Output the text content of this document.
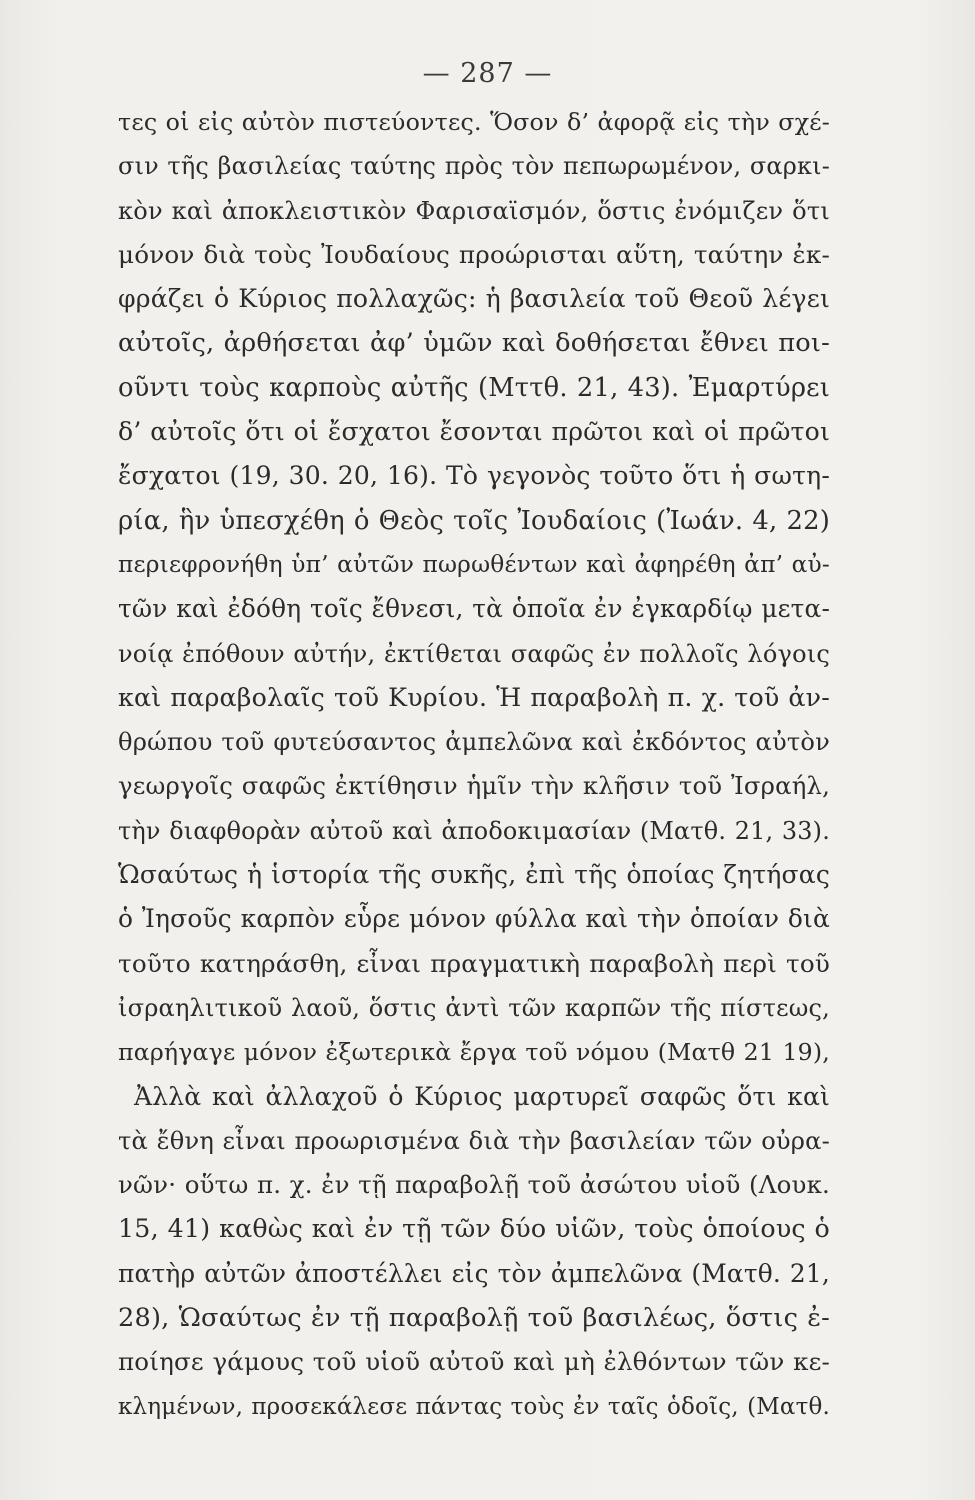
— 287 —
τες οἱ εἰς αὐτὸν πιστεύοντες. Ὅσον δ’ ἀφορᾷ εἰς τὴν σχέ-
σιν τῆς βασιλείας ταύτης πρὸς τὸν πεπωρωμένον, σαρκι-
κὸν καὶ ἀποκλειστικὸν Φαρισαϊσμόν, ὅστις ἐνόμιζεν ὅτι
μόνον διὰ τοὺς Ἰουδαίους προώρισται αὕτη, ταύτην ἐκ-
φράζει ὁ Κύριος πολλαχῶς: ἡ βασιλεία τοῦ Θεοῦ λέγει
αὐτοῖς, ἀρθήσεται ἀφ’ ὑμῶν καὶ δοθήσεται ἔθνει ποι-
οῦντι τοὺς καρποὺς αὐτῆς (Μττθ. 21, 43). Ἐμαρτύρει
δ’ αὐτοῖς ὅτι οἱ ἔσχατοι ἔσονται πρῶτοι καὶ οἱ πρῶτοι
ἔσχατοι (19, 30. 20, 16). Τὸ γεγονὸς τοῦτο ὅτι ἡ σωτη-
ρία, ἣν ὑπεσχέθη ὁ Θεὸς τοῖς Ἰουδαίοις (Ἰωάν. 4, 22)
περιεφρονήθη ὑπ’ αὐτῶν πωρωθέντων καὶ ἀφηρέθη ἀπ’ αὐ-
τῶν καὶ ἐδόθη τοῖς ἔθνεσι, τὰ ὁποῖα ἐν ἐγκαρδίῳ μετα-
νοίᾳ ἐπόθουν αὐτήν, ἐκτίθεται σαφῶς ἐν πολλοῖς λόγοις
καὶ παραβολαῖς τοῦ Κυρίου. Ἡ παραβολὴ π. χ. τοῦ ἀν-
θρώπου τοῦ φυτεύσαντος ἀμπελῶνα καὶ ἐκδόντος αὐτὸν
γεωργοῖς σαφῶς ἐκτίθησιν ἡμῖν τὴν κλῆσιν τοῦ Ἰσραήλ,
τὴν διαφθορὰν αὐτοῦ καὶ ἀποδοκιμασίαν (Ματθ. 21, 33).
Ὡσαύτως ἡ ἱστορία τῆς συκῆς, ἐπὶ τῆς ὁποίας ζητήσας
ὁ Ἰησοῦς καρπὸν εὗρε μόνον φύλλα καὶ τὴν ὁποίαν διὰ
τοῦτο κατηράσθη, εἶναι πραγματικὴ παραβολὴ περὶ τοῦ
ἰσραηλιτικοῦ λαοῦ, ὅστις ἀντὶ τῶν καρπῶν τῆς πίστεως,
παρήγαγε μόνον ἐξωτερικὰ ἔργα τοῦ νόμου (Ματθ 21 19),
Ἀλλὰ καὶ ἀλλαχοῦ ὁ Κύριος μαρτυρεῖ σαφῶς ὅτι καὶ
τὰ ἔθνη εἶναι προωρισμένα διὰ τὴν βασιλείαν τῶν οὐρα-
νῶν· οὕτω π. χ. ἐν τῇ παραβολῇ τοῦ ἀσώτου υἱοῦ (Λουκ.
15, 41) καθὼς καὶ ἐν τῇ τῶν δύο υἱῶν, τοὺς ὁποίους ὁ
πατὴρ αὐτῶν ἀποστέλλει εἰς τὸν ἀμπελῶνα (Ματθ. 21,
28), Ὡσαύτως ἐν τῇ παραβολῇ τοῦ βασιλέως, ὅστις ἐ-
ποίησε γάμους τοῦ υἱοῦ αὐτοῦ καὶ μὴ ἐλθόντων τῶν κε-
κλημένων, προσεκάλεσε πάντας τοὺς ἐν ταῖς ὁδοῖς, (Ματθ.
